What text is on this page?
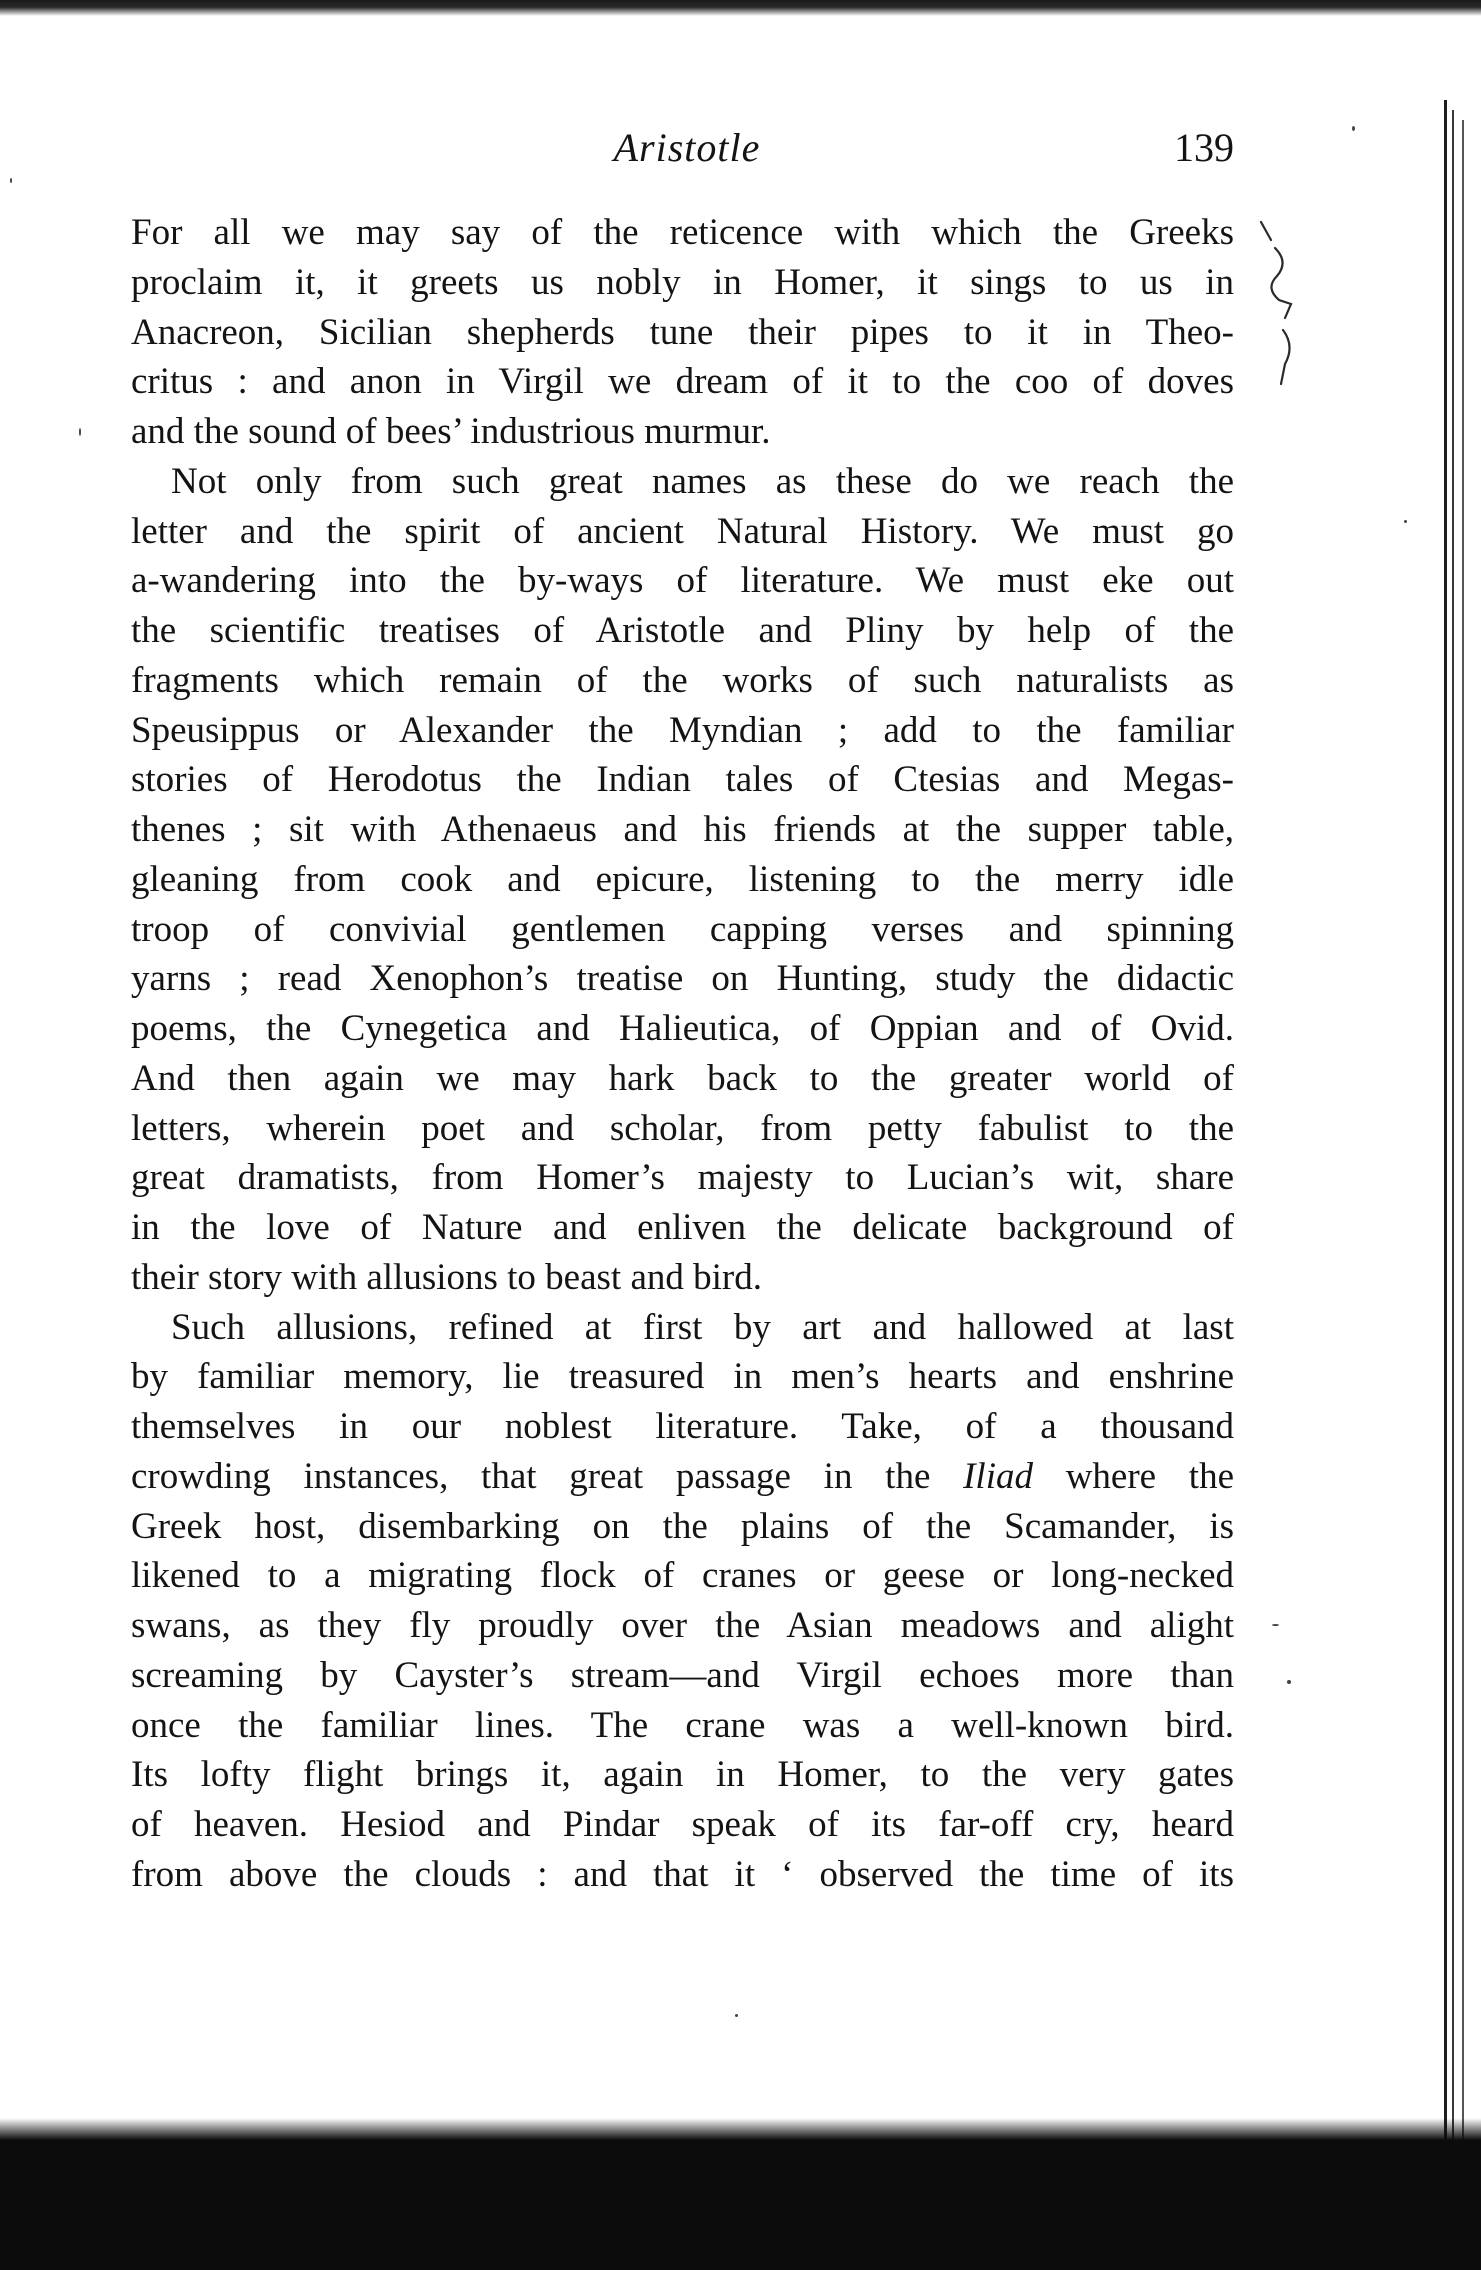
Aristotle	139
For all we may say of the reticence with which the Greeks
proclaim it, it greets us nobly in Homer, it sings to us in
Anacreon, Sicilian shepherds tune their pipes to it in Theo-
critus : and anon in Virgil we dream of it to the coo of doves
and the sound of bees’ industrious murmur.
Not only from such great names as these do we reach the
letter and the spirit of ancient Natural History. We must go
a-wandering into the by-ways of literature. We must eke out
the scientific treatises of Aristotle and Pliny by help of the
fragments which remain of the works of such naturalists as
Speusippus or Alexander the Myndian ; add to the familiar
stories of Herodotus the Indian tales of Ctesias and Megas-
thenes ; sit with Athenaeus and his friends at the supper table,
gleaning from cook and epicure, listening to the merry idle
troop of convivial gentlemen capping verses and spinning
yarns ; read Xenophon’s treatise on Hunting, study the didactic
poems, the Cynegetica and Halieutica, of Oppian and of Ovid.
And then again we may hark back to the greater world of
letters, wherein poet and scholar, from petty fabulist to the
great dramatists, from Homer’s majesty to Lucian’s wit, share
in the love of Nature and enliven the delicate background of
their story with allusions to beast and bird.
Such allusions, refined at first by art and hallowed at last
by familiar memory, lie treasured in men’s hearts and enshrine
themselves in our noblest literature. Take, of a thousand
crowding instances, that great passage in the Iliad where the
Greek host, disembarking on the plains of the Scamander, is
likened to a migrating flock of cranes or geese or long-necked
swans, as they fly proudly over the Asian meadows and alight
screaming by Cayster’s stream—and Virgil echoes more than
once the familiar lines. The crane was a well-known bird.
Its lofty flight brings it, again in Homer, to the very gates
of heaven. Hesiod and Pindar speak of its far-off cry, heard
from above the clouds : and that it ‘ observed the time of its
